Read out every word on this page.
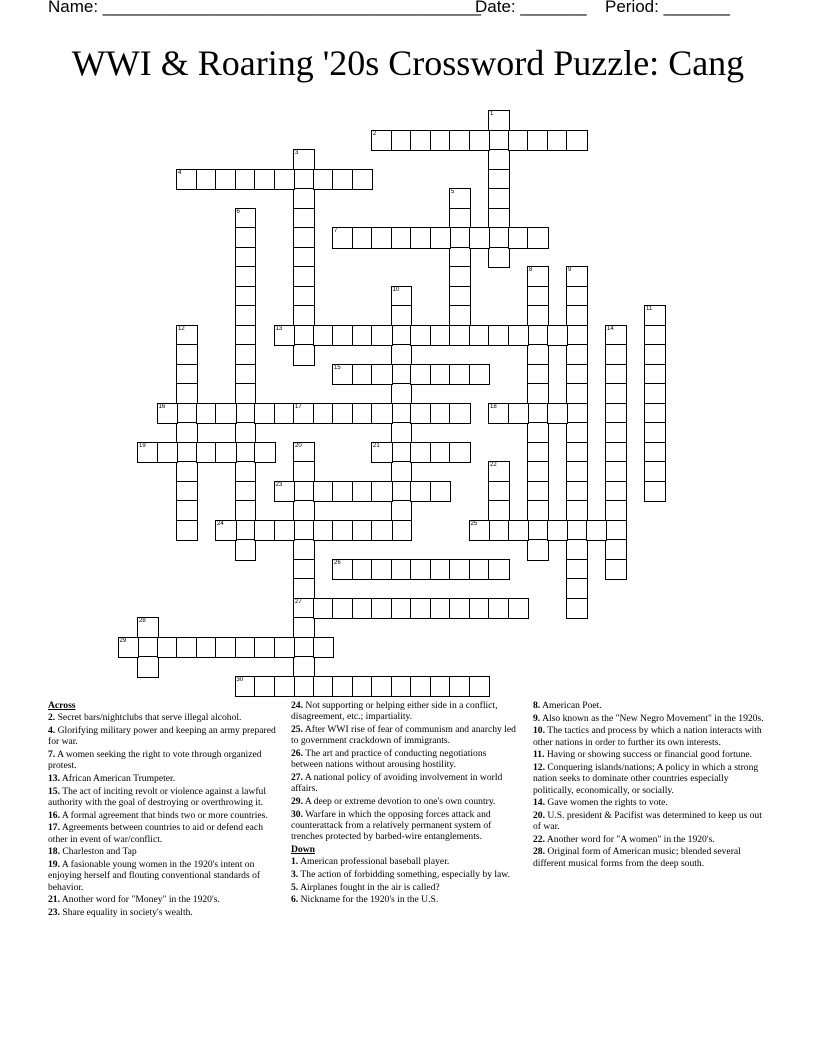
Name: ________________________________________
Date: _______ Period: _______
WWI & Roaring '20s Crossword Puzzle: Cang
1
2
3
4
5
6
7
8	9
10
11
12	13	14
15
16	17	18
19	20
27
21
22
23
24	25
26
28
29
30
Across
2. Secret bars/nightclubs that serve illegal alcohol.
4. Glorifying military power and keeping an army prepared for war.
7. A women seeking the right to vote through organized protest.
13. African American Trumpeter.
15. The act of inciting revolt or violence against a lawful authority with the goal of destroying or overthrowing it.
16. A formal agreement that binds two or more countries.
17. Agreements between countries to aid or defend each other in event of war/conflict.
18. Charleston and Tap
19. A fasionable young women in the 1920's intent on enjoying herself and flouting conventional standards of behavior.
21. Another word for "Money" in the 1920's.
23. Share equality in society's wealth.
24. Not supporting or helping either side in a conflict, disagreement, etc.; impartiality.
25. After WWI rise of fear of communism and anarchy led to government crackdown of immigrants.
26. The art and practice of conducting negotiations between nations without arousing hostility.
27. A national policy of avoiding involvement in world affairs.
29. A deep or extreme devotion to one's own country.
30. Warfare in which the opposing forces attack and counterattack from a relatively permanent system of trenches protected by barbed-wire entanglements.
Down
1. American professional baseball player.
3. The action of forbidding something, especially by law.
5. Airplanes fought in the air is called?
6. Nickname for the 1920's in the U.S.
8. American Poet.
9. Also known as the "New Negro Movement" in the 1920s.
10. The tactics and process by which a nation interacts with other nations in order to further its own interests.
11. Having or showing success or financial good fortune.
12. Conquering islands/nations; A policy in which a strong nation seeks to dominate other countries especially politically, economically, or socially.
14. Gave women the rights to vote.
20. U.S. president & Pacifist was determined to keep us out of war.
22. Another word for "A women" in the 1920's.
28. Original form of American music; blended several different musical forms from the deep south.
